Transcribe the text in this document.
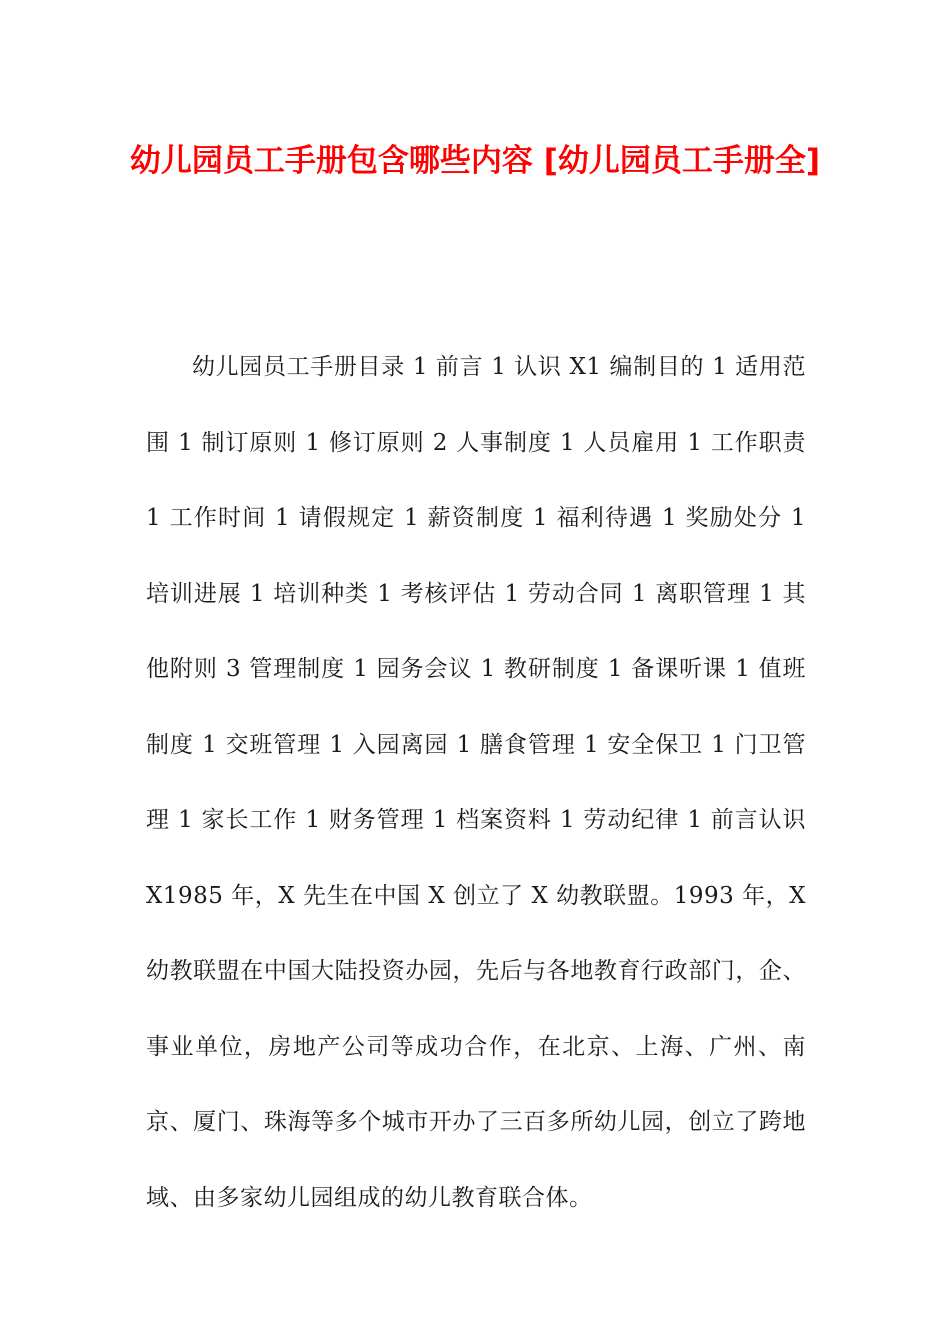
幼儿园员工手册包含哪些内容 [幼儿园员工手册全]

幼儿园员工手册目录 1 前言 1 认识 X1 编制目的 1 适用范围 1 制订原则 1 修订原则 2 人事制度 1 人员雇用 1 工作职责 1 工作时间 1 请假规定 1 薪资制度 1 福利待遇 1 奖励处分 1 培训进展 1 培训种类 1 考核评估 1 劳动合同 1 离职管理 1 其他附则 3 管理制度 1 园务会议 1 教研制度 1 备课听课 1 值班制度 1 交班管理 1 入园离园 1 膳食管理 1 安全保卫 1 门卫管理 1 家长工作 1 财务管理 1 档案资料 1 劳动纪律 1 前言认识 X1985 年，X 先生在中国 X 创立了 X 幼教联盟。1993 年，X 幼教联盟在中国大陆投资办园，先后与各地教育行政部门，企、事业单位，房地产公司等成功合作，在北京、上海、广州、南京、厦门、珠海等多个城市开办了三百多所幼儿园，创立了跨地域、由多家幼儿园组成的幼儿教育联合体。
